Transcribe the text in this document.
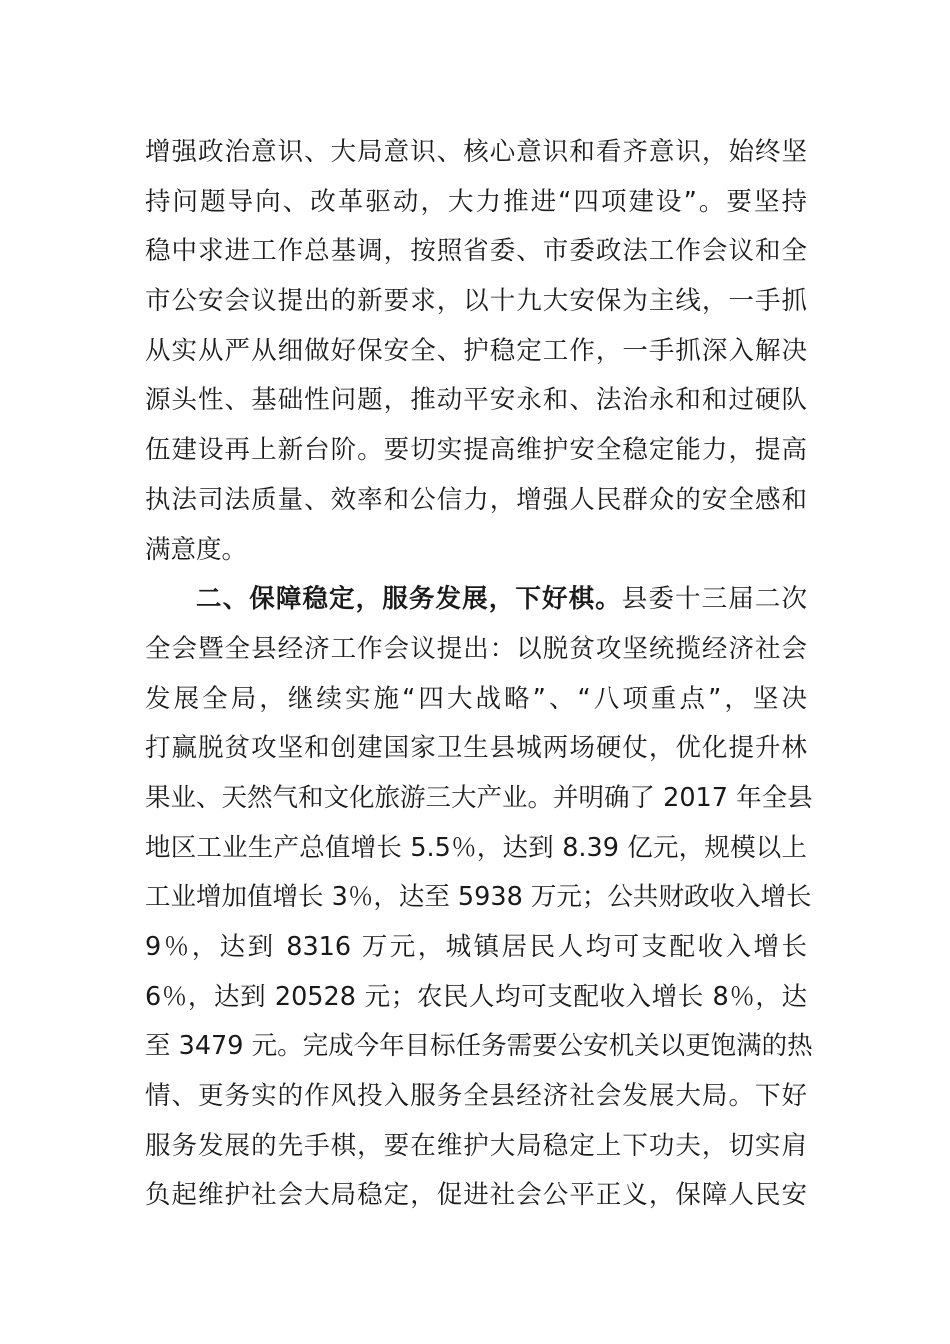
增强政治意识、大局意识、核心意识和看齐意识，始终坚
持问题导向、改革驱动，大力推进“四项建设”。要坚持
稳中求进工作总基调，按照省委、市委政法工作会议和全
市公安会议提出的新要求，以十九大安保为主线，一手抓
从实从严从细做好保安全、护稳定工作，一手抓深入解决
源头性、基础性问题，推动平安永和、法治永和和过硬队
伍建设再上新台阶。要切实提高维护安全稳定能力，提高
执法司法质量、效率和公信力，增强人民群众的安全感和
满意度。
二、保障稳定，服务发展，下好棋。县委十三届二次
全会暨全县经济工作会议提出：以脱贫攻坚统揽经济社会
发展全局，继续实施“四大战略”、“八项重点”，坚决
打赢脱贫攻坚和创建国家卫生县城两场硬仗，优化提升林
果业、天然气和文化旅游三大产业。并明确了 2017 年全县
地区工业生产总值增长 5.5％，达到 8.39 亿元，规模以上
工业增加值增长 3％，达至 5938 万元；公共财政收入增长
9％，达到 8316 万元，城镇居民人均可支配收入增长
6％，达到 20528 元；农民人均可支配收入增长 8％，达
至 3479 元。完成今年目标任务需要公安机关以更饱满的热
情、更务实的作风投入服务全县经济社会发展大局。下好
服务发展的先手棋，要在维护大局稳定上下功夫，切实肩
负起维护社会大局稳定，促进社会公平正义，保障人民安
